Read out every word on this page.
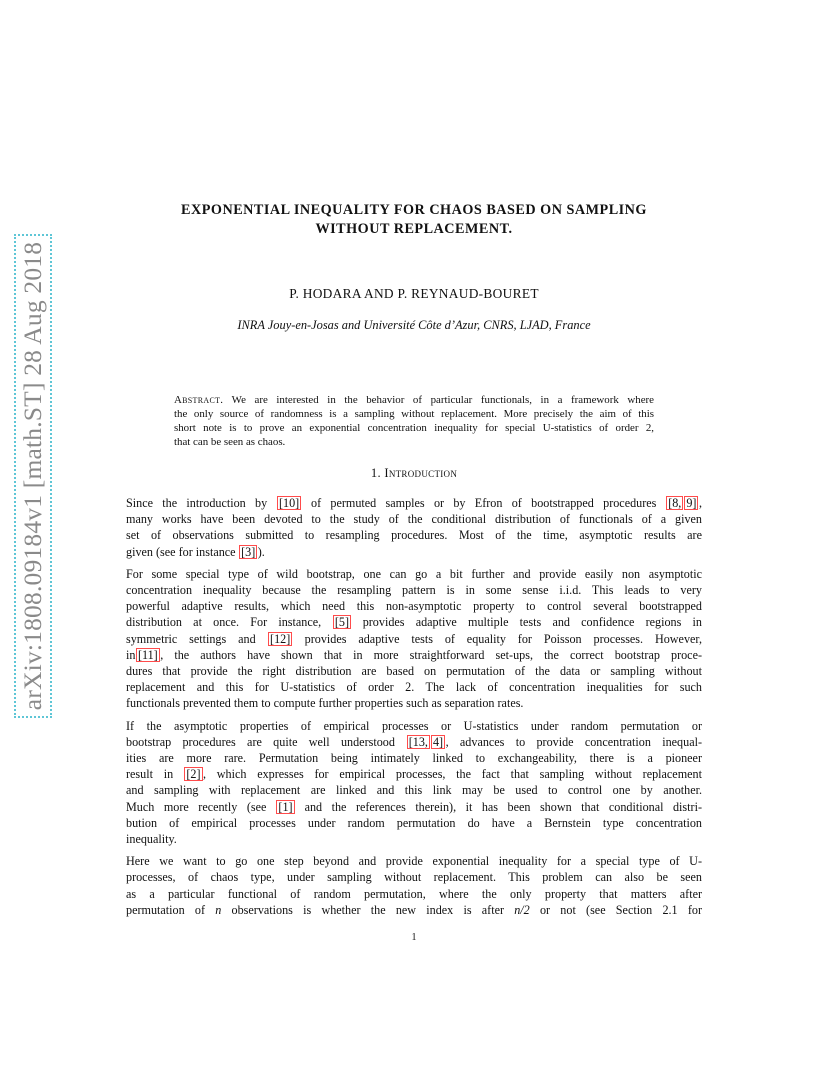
arXiv:1808.09184v1 [math.ST] 28 Aug 2018
EXPONENTIAL INEQUALITY FOR CHAOS BASED ON SAMPLING
WITHOUT REPLACEMENT.
P. HODARA AND P. REYNAUD-BOURET
INRA Jouy-en-Josas and Université Côte d’Azur, CNRS, LJAD, France
Abstract. We are interested in the behavior of particular functionals, in a framework where
the only source of randomness is a sampling without replacement. More precisely the aim of this
short note is to prove an exponential concentration inequality for special U-statistics of order 2,
that can be seen as chaos.
1. Introduction

Since the introduction by [10] of permuted samples or by Efron of bootstrapped procedures [8, 9] ,
many works have been devoted to the study of the conditional distribution of functionals of a given
set of observations submitted to resampling procedures. Most of the time, asymptotic results are
given (see for instance [3] ).

For some special type of wild bootstrap, one can go a bit further and provide easily non asymptotic
concentration inequality because the resampling pattern is in some sense i.i.d. This leads to very
powerful adaptive results, which need this non-asymptotic property to control several bootstrapped
distribution at once. For instance, [5] provides adaptive multiple tests and confidence regions in
symmetric settings and [12] provides adaptive tests of equality for Poisson processes. However,
in [11] , the authors have shown that in more straightforward set-ups, the correct bootstrap proce-
dures that provide the right distribution are based on permutation of the data or sampling without
replacement and this for U-statistics of order 2. The lack of concentration inequalities for such
functionals prevented them to compute further properties such as separation rates.

If the asymptotic properties of empirical processes or U-statistics under random permutation or
bootstrap procedures are quite well understood [13, 4] , advances to provide concentration inequal-
ities are more rare. Permutation being intimately linked to exchangeability, there is a pioneer
result in [2] , which expresses for empirical processes, the fact that sampling without replacement
and sampling with replacement are linked and this link may be used to control one by another.
Much more recently (see [1] and the references therein), it has been shown that conditional distri-
bution of empirical processes under random permutation do have a Bernstein type concentration
inequality.

Here we want to go one step beyond and provide exponential inequality for a special type of U-
processes, of chaos type, under sampling without replacement. This problem can also be seen
as a particular functional of random permutation, where the only property that matters after
permutation of n observations is whether the new index is after n/2 or not (see Section 2.1 for

1
